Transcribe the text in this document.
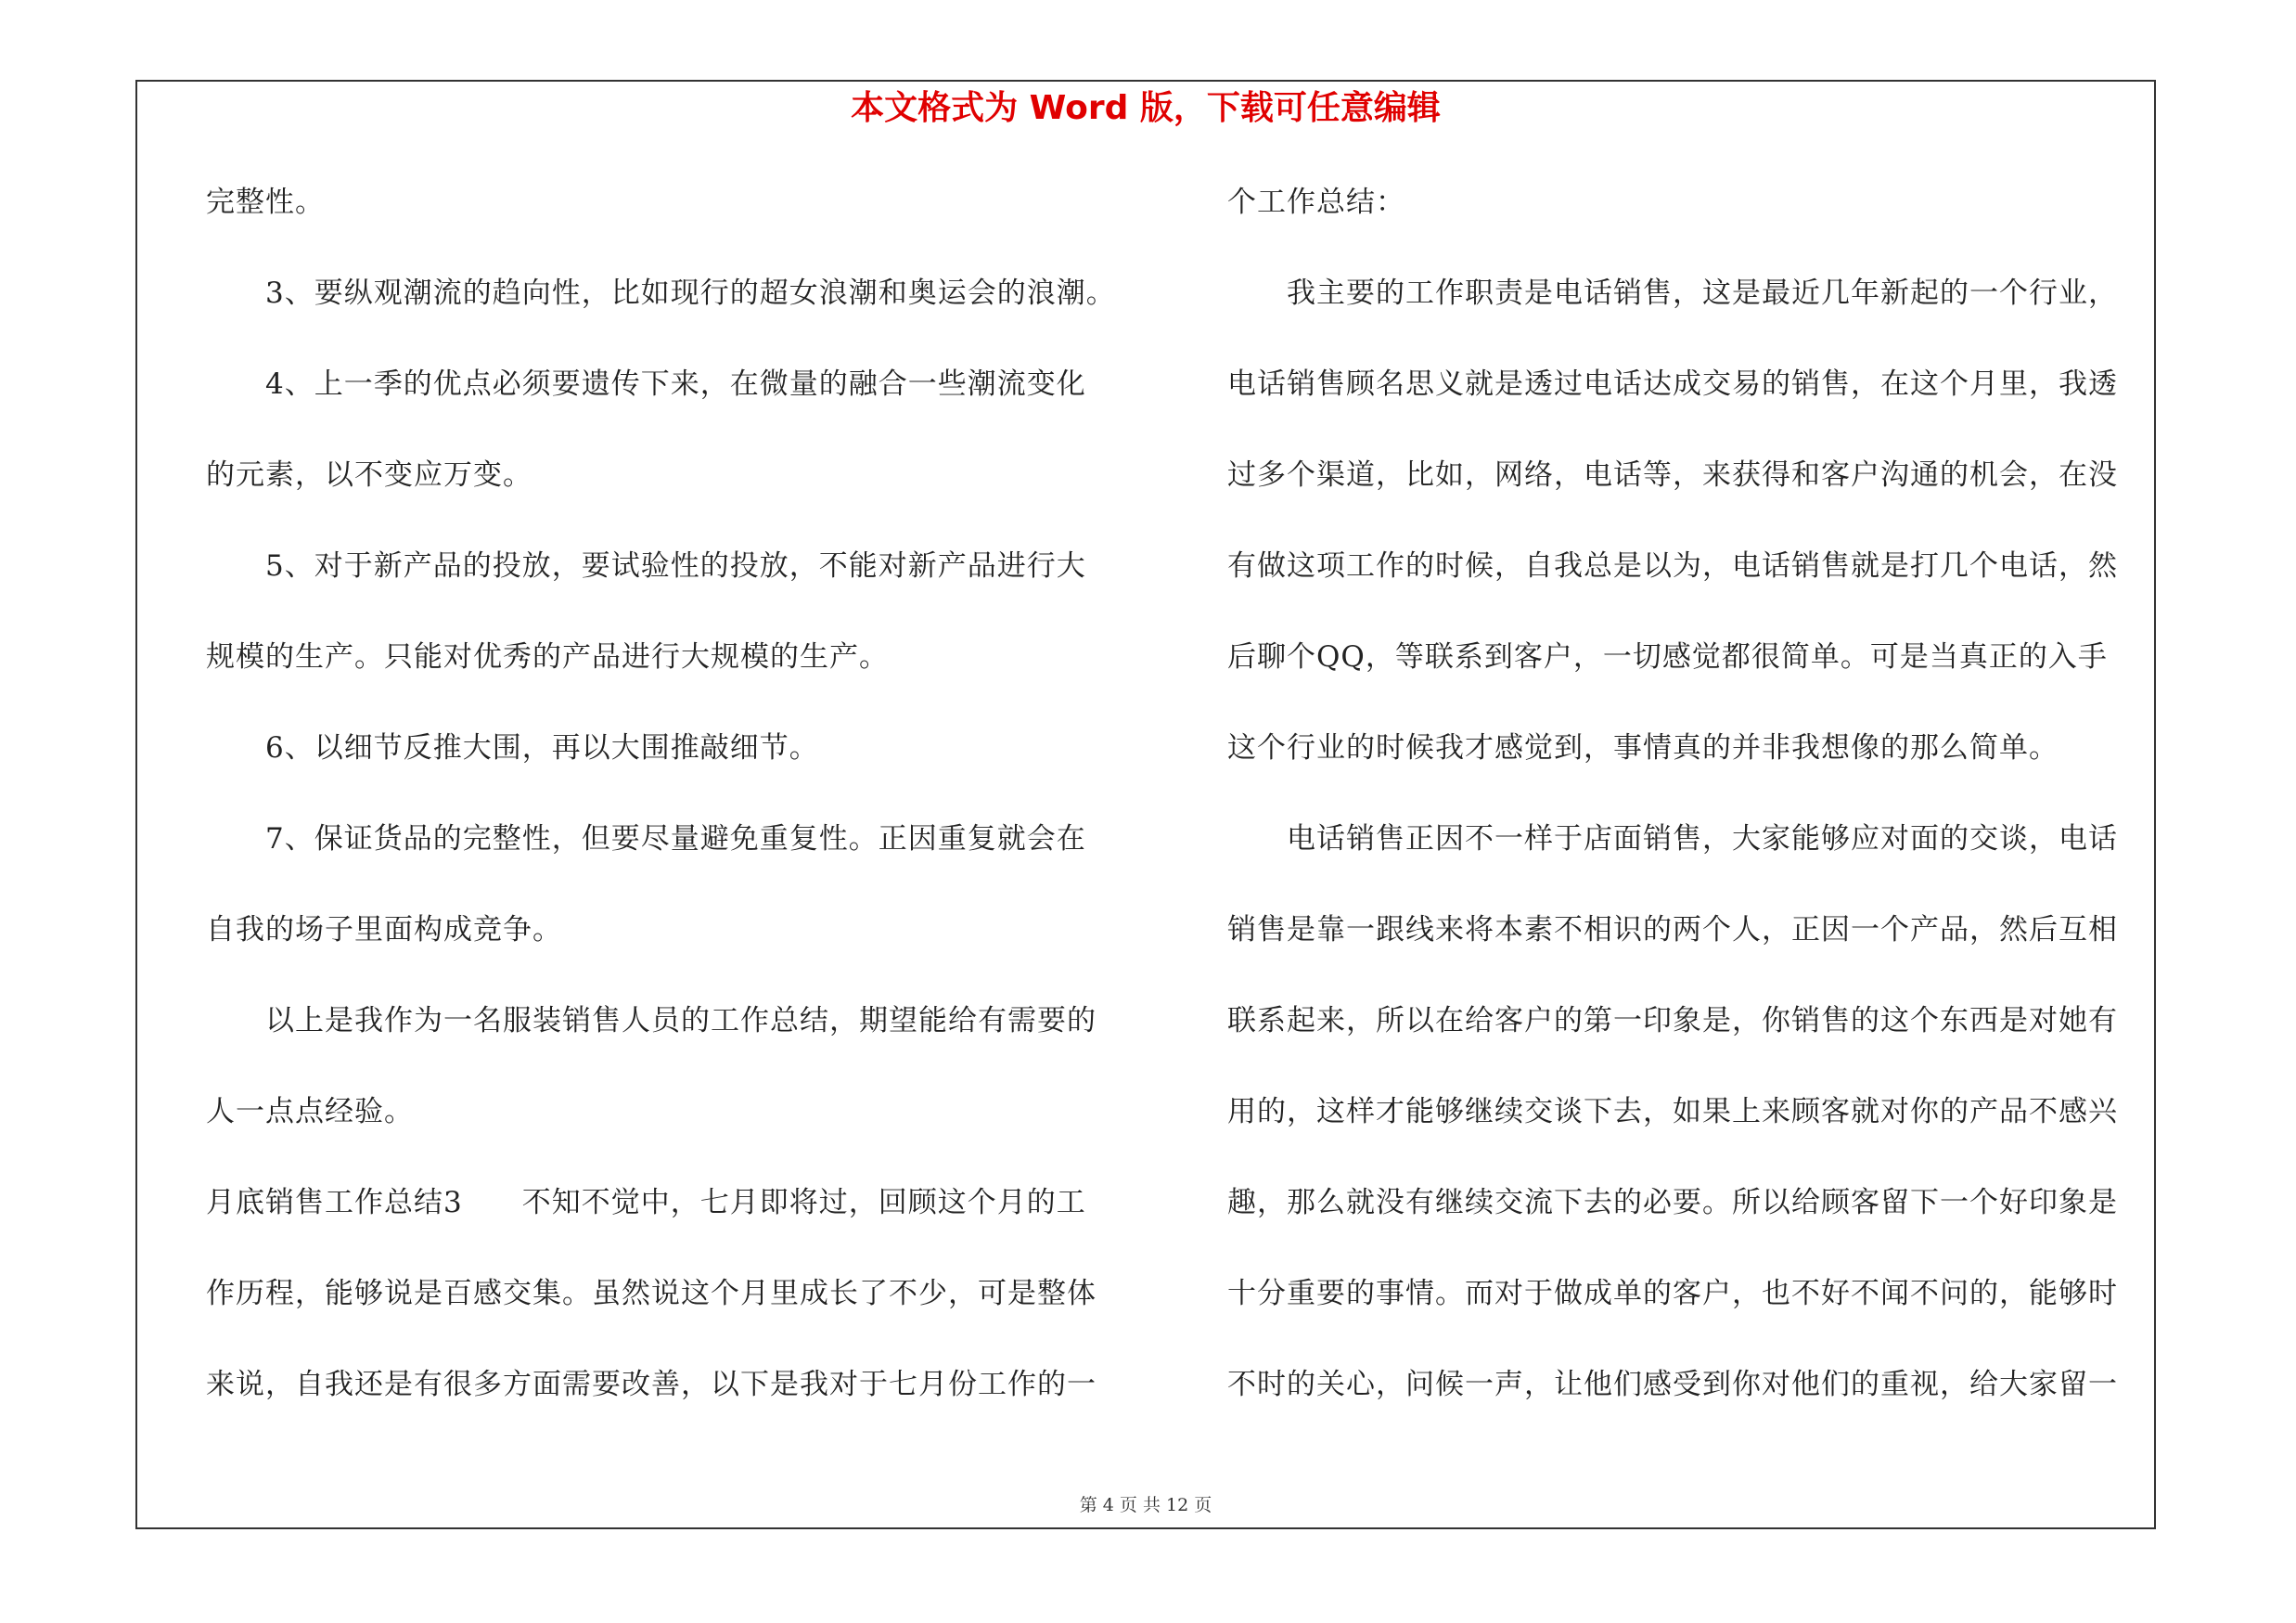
本文格式为 Word 版，下载可任意编辑
完整性。
　　3、要纵观潮流的趋向性，比如现行的超女浪潮和奥运会的浪潮。
　　4、上一季的优点必须要遗传下来，在微量的融合一些潮流变化
的元素，以不变应万变。
　　5、对于新产品的投放，要试验性的投放，不能对新产品进行大
规模的生产。只能对优秀的产品进行大规模的生产。
　　6、以细节反推大围，再以大围推敲细节。
　　7、保证货品的完整性，但要尽量避免重复性。正因重复就会在
自我的场子里面构成竞争。
　　以上是我作为一名服装销售人员的工作总结，期望能给有需要的
人一点点经验。
月底销售工作总结3　　不知不觉中，七月即将过，回顾这个月的工
作历程，能够说是百感交集。虽然说这个月里成长了不少，可是整体
来说，自我还是有很多方面需要改善，以下是我对于七月份工作的一
个工作总结：
　　我主要的工作职责是电话销售，这是最近几年新起的一个行业，
电话销售顾名思义就是透过电话达成交易的销售，在这个月里，我透
过多个渠道，比如，网络，电话等，来获得和客户沟通的机会，在没
有做这项工作的时候，自我总是以为，电话销售就是打几个电话，然
后聊个QQ，等联系到客户，一切感觉都很简单。可是当真正的入手
这个行业的时候我才感觉到，事情真的并非我想像的那么简单。
　　电话销售正因不一样于店面销售，大家能够应对面的交谈，电话
销售是靠一跟线来将本素不相识的两个人，正因一个产品，然后互相
联系起来，所以在给客户的第一印象是，你销售的这个东西是对她有
用的，这样才能够继续交谈下去，如果上来顾客就对你的产品不感兴
趣，那么就没有继续交流下去的必要。所以给顾客留下一个好印象是
十分重要的事情。而对于做成单的客户，也不好不闻不问的，能够时
不时的关心，问候一声，让他们感受到你对他们的重视，给大家留一
第 4 页 共 12 页
